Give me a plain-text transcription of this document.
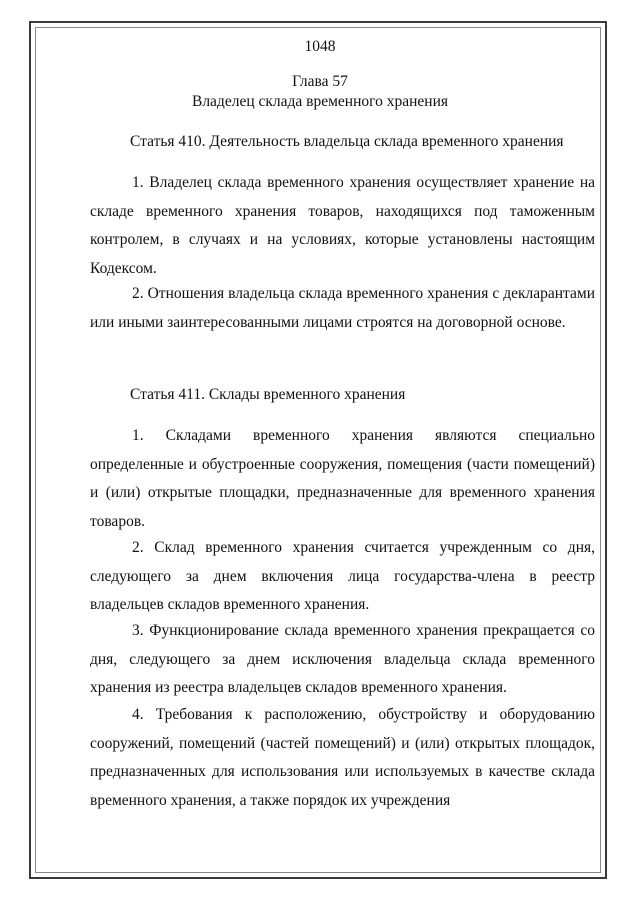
1048
Глава 57
Владелец склада временного хранения
Статья 410. Деятельность владельца склада временного хранения

1. Владелец склада временного хранения осуществляет хранение на складе временного хранения товаров, находящихся под таможенным контролем, в случаях и на условиях, которые установлены настоящим Кодексом.

2. Отношения владельца склада временного хранения с декларантами или иными заинтересованными лицами строятся на договорной основе.

Статья 411. Склады временного хранения

1. Складами временного хранения являются специально определенные и обустроенные сооружения, помещения (части помещений) и (или) открытые площадки, предназначенные для временного хранения товаров.

2. Склад временного хранения считается учрежденным со дня, следующего за днем включения лица государства-члена в реестр владельцев складов временного хранения.

3. Функционирование склада временного хранения прекращается со дня, следующего за днем исключения владельца склада временного хранения из реестра владельцев складов временного хранения.

4. Требования к расположению, обустройству и оборудованию сооружений, помещений (частей помещений) и (или) открытых площадок, предназначенных для использования или используемых в качестве склада временного хранения, а также порядок их учреждения
